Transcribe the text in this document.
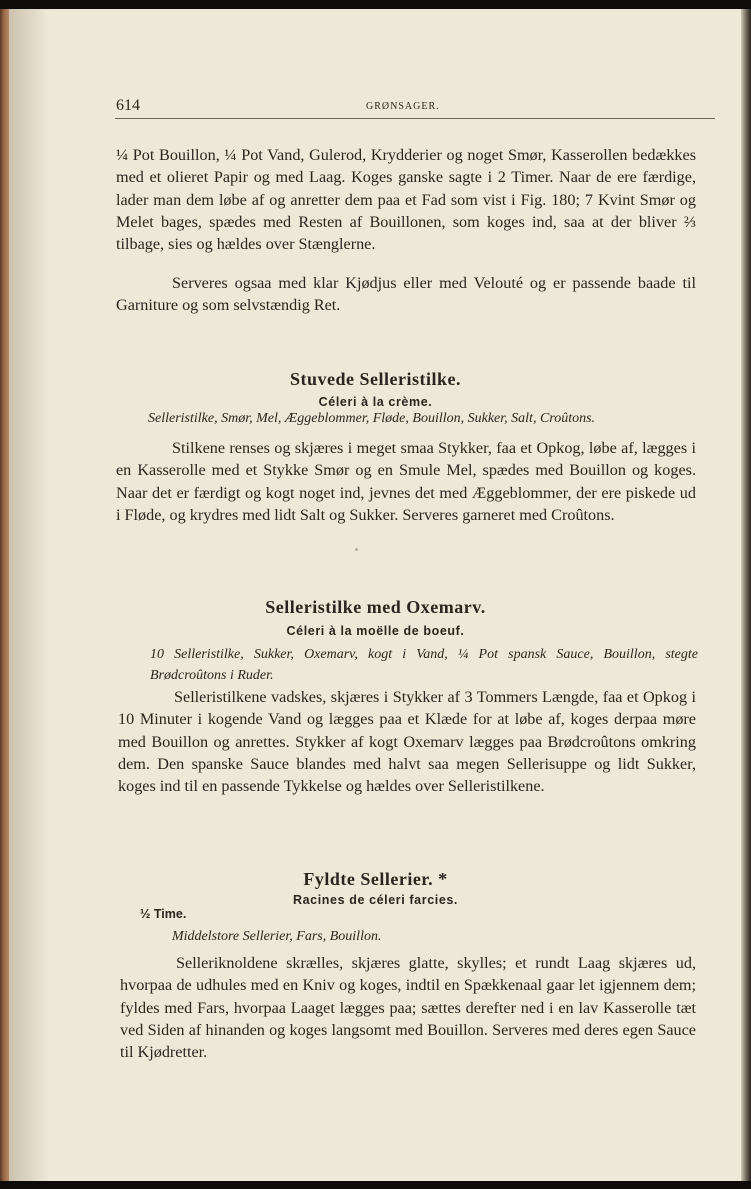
614	GRØNSAGER.

¼ Pot Bouillon, ¼ Pot Vand, Gulerod, Krydderier og noget Smør, Kasserollen bedækkes med et olieret Papir og med Laag. Koges ganske sagte i 2 Timer. Naar de ere færdige, lader man dem løbe af og anretter dem paa et Fad som vist i Fig. 180; 7 Kvint Smør og Melet bages, spædes med Resten af Bouillonen, som koges ind, saa at der bliver ⅔ tilbage, sies og hældes over Stænglerne.

Serveres ogsaa med klar Kjødjus eller med Velouté og er passende baade til Garniture og som selvstændig Ret.

Stuvede Selleristilke.

Céleri à la crème.

Selleristilke, Smør, Mel, Æggeblommer, Fløde, Bouillon, Sukker, Salt, Croûtons.

Stilkene renses og skjæres i meget smaa Stykker, faa et Opkog, løbe af, lægges i en Kasserolle med et Stykke Smør og en Smule Mel, spædes med Bouillon og koges. Naar det er færdigt og kogt noget ind, jevnes det med Æggeblommer, der ere piskede ud i Fløde, og krydres med lidt Salt og Sukker. Serveres garneret med Croûtons.

Selleristilke med Oxemarv.

Céleri à la moëlle de boeuf.

10 Selleristilke, Sukker, Oxemarv, kogt i Vand, ¼ Pot spansk Sauce, Bouillon, stegte Brødcroûtons i Ruder.

Selleristilkene vadskes, skjæres i Stykker af 3 Tommers Længde, faa et Opkog i 10 Minuter i kogende Vand og lægges paa et Klæde for at løbe af, koges derpaa møre med Bouillon og anrettes. Stykker af kogt Oxemarv lægges paa Brødcroûtons omkring dem. Den spanske Sauce blandes med halvt saa megen Sellerisuppe og lidt Sukker, koges ind til en passende Tykkelse og hældes over Selleristilkene.

Fyldte Sellerier. *

Racines de céleri farcies.

½ Time.

Middelstore Sellerier, Fars, Bouillon.

Selleriknoldene skrælles, skjæres glatte, skylles; et rundt Laag skjæres ud, hvorpaa de udhules med en Kniv og koges, indtil en Spækkenaal gaar let igjennem dem; fyldes med Fars, hvorpaa Laaget lægges paa; sættes derefter ned i en lav Kasserolle tæt ved Siden af hinanden og koges langsomt med Bouillon. Serveres med deres egen Sauce til Kjødretter.
